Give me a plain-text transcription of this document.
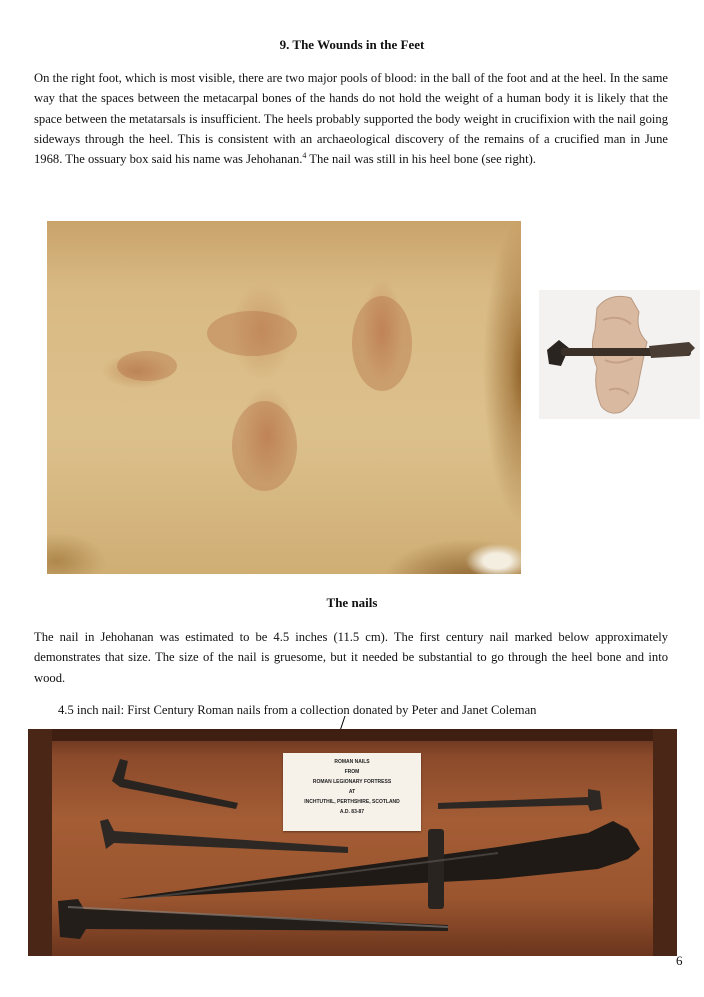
9. The Wounds in the Feet
On the right foot, which is most visible, there are two major pools of blood: in the ball of the foot and at the heel. In the same way that the spaces between the metacarpal bones of the hands do not hold the weight of a human body it is likely that the space between the metatarsals is insufficient. The heels probably supported the body weight in crucifixion with the nail going sideways through the heel. This is consistent with an archaeological discovery of the remains of a crucified man in June 1968. The ossuary box said his name was Jehohanan.$^4$ The nail was still in his heel bone (see right).
The nails
The nail in Jehohanan was estimated to be 4.5 inches (11.5 cm). The first century nail marked below approximately demonstrates that size. The size of the nail is gruesome, but it needed be substantial to go through the heel bone and into wood.
4.5 inch nail: First Century Roman nails from a collection donated by Peter and Janet Coleman
ROMAN NAILS
FROM
ROMAN LEGIONARY FORTRESS
AT
INCHTUTHIL, PERTHSHIRE, SCOTLAND
A.D. 83-87
6
